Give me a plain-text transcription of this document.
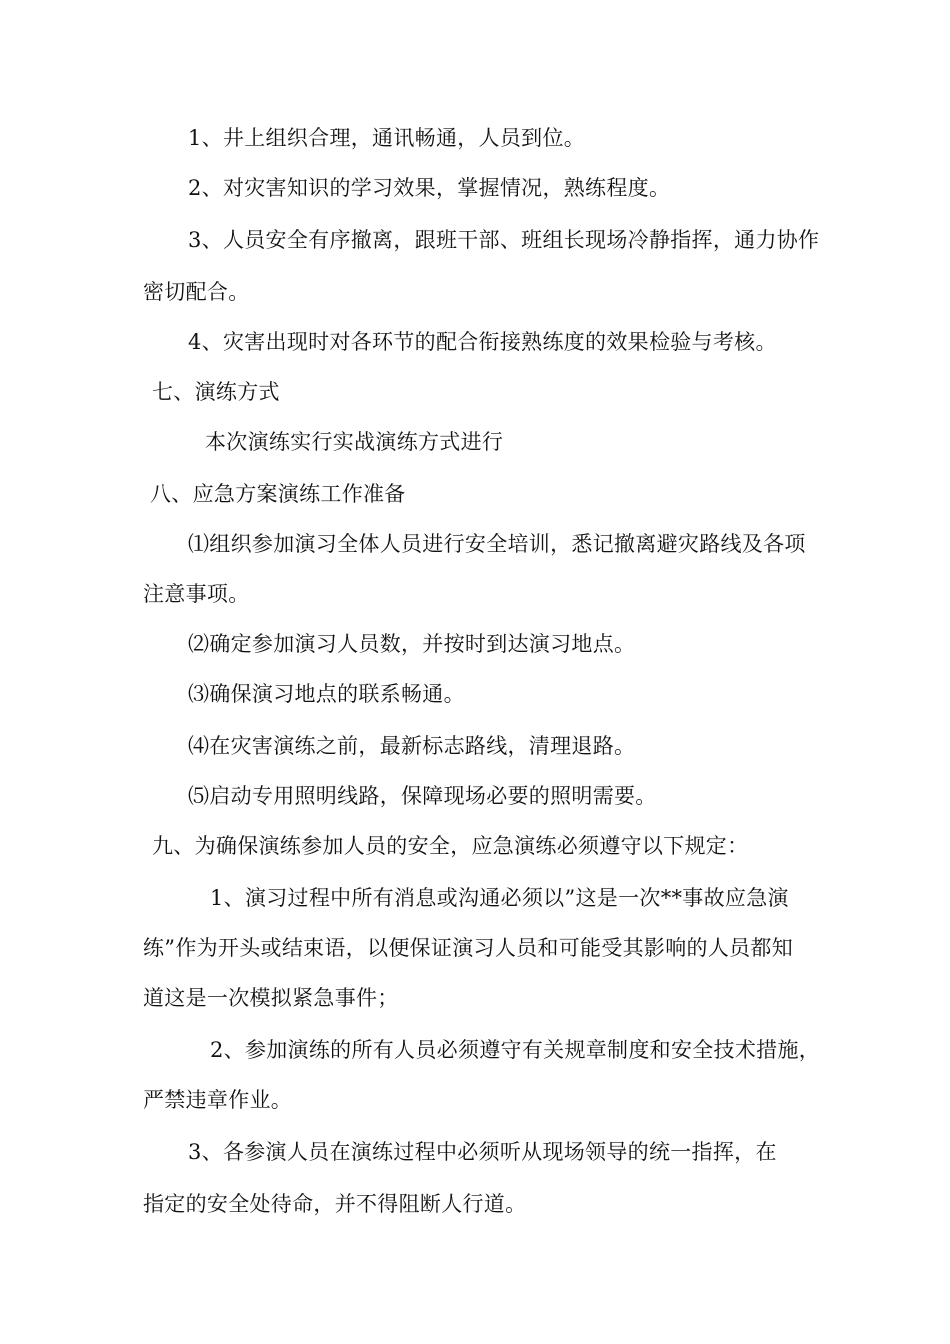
1、井上组织合理，通讯畅通，人员到位。
2、对灾害知识的学习效果，掌握情况，熟练程度。
3、人员安全有序撤离，跟班干部、班组长现场冷静指挥，通力协作
密切配合。
4、灾害出现时对各环节的配合衔接熟练度的效果检验与考核。
七、演练方式
本次演练实行实战演练方式进行
八、应急方案演练工作准备
⑴组织参加演习全体人员进行安全培训，悉记撤离避灾路线及各项
注意事项。
⑵确定参加演习人员数，并按时到达演习地点。
⑶确保演习地点的联系畅通。
⑷在灾害演练之前，最新标志路线，清理退路。
⑸启动专用照明线路，保障现场必要的照明需要。
九、为确保演练参加人员的安全，应急演练必须遵守以下规定：
1、演习过程中所有消息或沟通必须以”这是一次**事故应急演
练”作为开头或结束语，以便保证演习人员和可能受其影响的人员都知
道这是一次模拟紧急事件；
2、参加演练的所有人员必须遵守有关规章制度和安全技术措施，
严禁违章作业。
3、各参演人员在演练过程中必须听从现场领导的统一指挥，在
指定的安全处待命，并不得阻断人行道。
